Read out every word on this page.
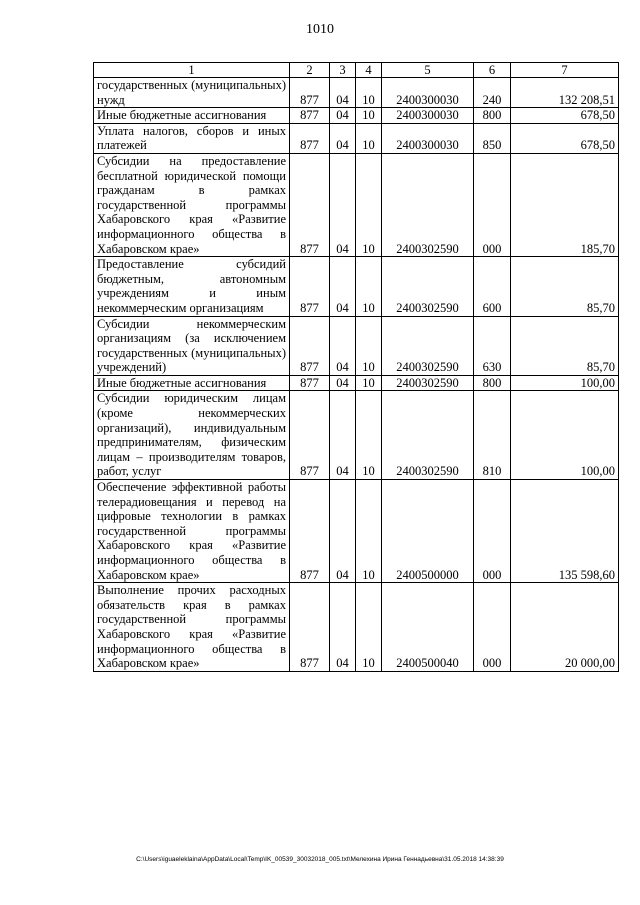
1010
1	2	3	4	5	6	7
государственных (муниципальных) нужд	877	04	10	2400300030	240	132 208,51
Иные бюджетные ассигнования	877	04	10	2400300030	800	678,50
Уплата налогов, сборов и иных платежей	877	04	10	2400300030	850	678,50
Субсидии на предоставление бесплатной юридической помощи гражданам в рамках государственной программы Хабаровского края «Развитие информационного общества в Хабаровском крае»	877	04	10	2400302590	000	185,70
Предоставление субсидий бюджетным, автономным учреждениям и иным некоммерческим организациям	877	04	10	2400302590	600	85,70
Субсидии некоммерческим организациям (за исключением государственных (муниципальных) учреждений)	877	04	10	2400302590	630	85,70
Иные бюджетные ассигнования	877	04	10	2400302590	800	100,00
Субсидии юридическим лицам (кроме некоммерческих организаций), индивидуальным предпринимателям, физическим лицам – производителям товаров, работ, услуг	877	04	10	2400302590	810	100,00
Обеспечение эффективной работы телерадиовещания и перевод на цифровые технологии в рамках государственной программы Хабаровского края «Развитие информационного общества в Хабаровском крае»	877	04	10	2400500000	000	135 598,60
Выполнение прочих расходных обязательств края в рамках государственной программы Хабаровского края «Развитие информационного общества в Хабаровском крае»	877	04	10	2400500040	000	20 000,00
C:\Users\iguaeleklaina\AppData\Local\Temp\IK_00539_30032018_005.txt\Мелехина Ирина Геннадьевна\31.05.2018 14:38:39
